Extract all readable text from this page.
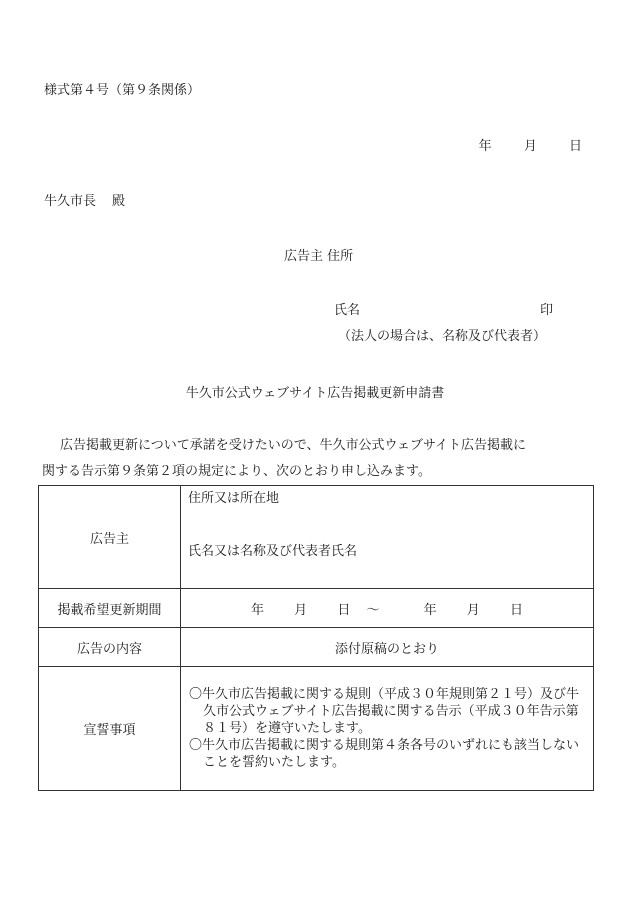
様式第４号（第９条関係）
年 月 日
牛久市長 殿
広告主 住所
氏名	印
（法人の場合は、名称及び代表者）
牛久市公式ウェブサイト広告掲載更新申請書

広告掲載更新について承諾を受けたいので、牛久市公式ウェブサイト広告掲載に

関する告示第９条第２項の規定により、次のとおり申し込みます。

広告主	住所又は所在地
氏名又は名称及び代表者氏名

掲載希望更新期間	年 月 日 ～ 年 月 日
広告の内容	添付原稿のとおり
宣誓事項	〇牛久市広告掲載に関する規則（平成３０年規則第２１号）及び牛久市公式ウェブサイト広告掲載に関する告示（平成３０年告示第８１号）を遵守いたします。
〇牛久市広告掲載に関する規則第４条各号のいずれにも該当しないことを誓約いたします。
